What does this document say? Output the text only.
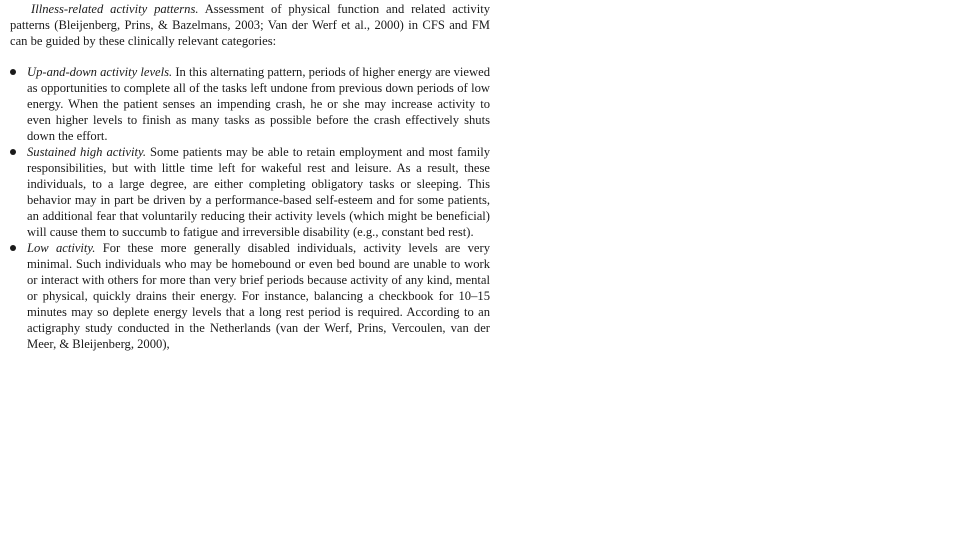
Illness-related activity patterns. Assessment of physical function and related activity patterns (Bleijenberg, Prins, & Bazelmans, 2003; Van der Werf et al., 2000) in CFS and FM can be guided by these clinically relevant categories:

Up-and-down activity levels. In this alternating pattern, periods of higher energy are viewed as opportunities to complete all of the tasks left undone from previous down periods of low energy. When the patient senses an impending crash, he or she may increase activity to even higher levels to finish as many tasks as possible before the crash effectively shuts down the effort.
Sustained high activity. Some patients may be able to retain employment and most family responsibilities, but with little time left for wakeful rest and leisure. As a result, these individuals, to a large degree, are either completing obligatory tasks or sleeping. This behavior may in part be driven by a performance-based self-esteem and for some patients, an additional fear that voluntarily reducing their activity levels (which might be beneficial) will cause them to succumb to fatigue and irreversible disability (e.g., constant bed rest).
Low activity. For these more generally disabled individuals, activity levels are very minimal. Such individuals who may be homebound or even bed bound are unable to work or interact with others for more than very brief periods because activity of any kind, mental or physical, quickly drains their energy. For instance, balancing a checkbook for 10–15 minutes may so deplete energy levels that a long rest period is required. According to an actigraphy study conducted in the Netherlands (van der Werf, Prins, Vercoulen, van der Meer, & Bleijenberg, 2000),
